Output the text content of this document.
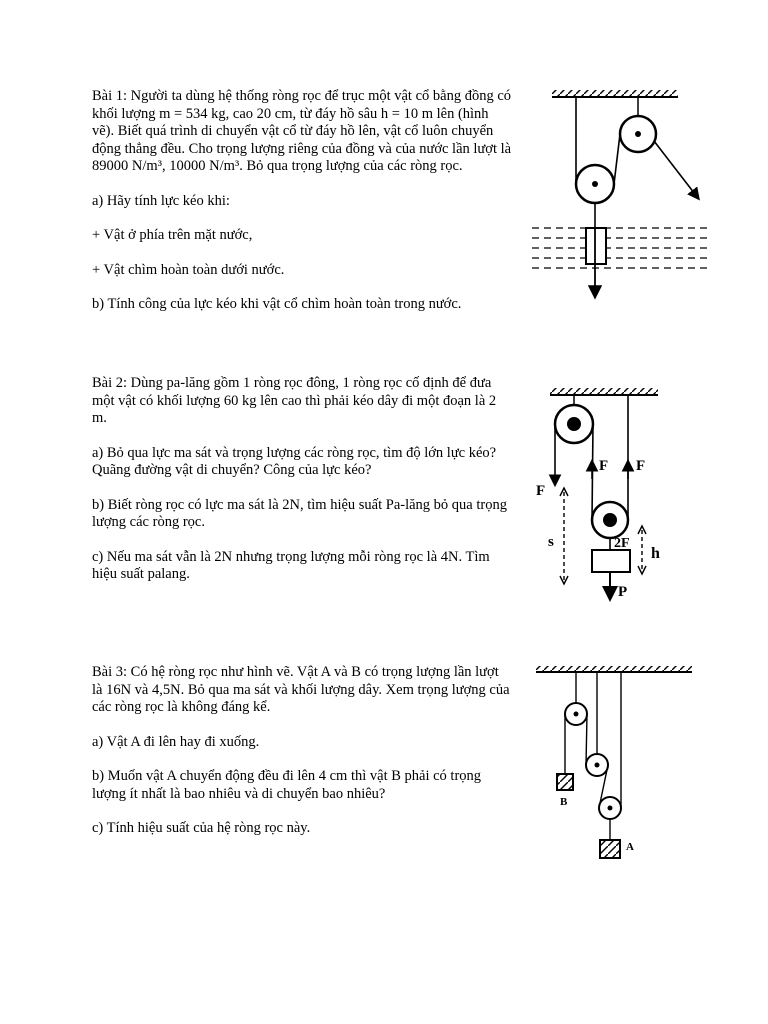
Bài 1: Người ta dùng hệ thống ròng rọc để trục một vật cổ bằng đồng có khối lượng m = 534 kg, cao 20 cm, từ đáy hồ sâu h = 10 m lên (hình vẽ). Biết quá trình di chuyển vật cổ từ đáy hồ lên, vật cổ luôn chuyển động thẳng đều. Cho trọng lượng riêng của đồng và của nước lần lượt là 89000 N/m³, 10000 N/m³. Bỏ qua trọng lượng của các ròng rọc.

a) Hãy tính lực kéo khi:

+ Vật ở phía trên mặt nước,

+ Vật chìm hoàn toàn dưới nước.

b) Tính công của lực kéo khi vật cổ chìm hoàn toàn trong nước.

Bài 2: Dùng pa-lăng gồm 1 ròng rọc đông, 1 ròng rọc cố định để đưa một vật có khối lượng 60 kg lên cao thì phải kéo dây đi một đoạn là 2 m.

a) Bỏ qua lực ma sát và trọng lượng các ròng rọc, tìm độ lớn lực kéo? Quãng đường vật di chuyển? Công của lực kéo?

b) Biết ròng rọc có lực ma sát là 2N, tìm hiệu suất Pa-lăng bỏ qua trọng lượng các ròng rọc.

c) Nếu ma sát vẫn là 2N nhưng trọng lượng mỗi ròng rọc là 4N. Tìm hiệu suất palang.

Bài 3: Có hệ ròng rọc như hình vẽ. Vật A và B có trọng lượng lần lượt là 16N và 4,5N. Bỏ qua ma sát và khối lượng dây. Xem trọng lượng của các ròng rọc là không đáng kể.

a) Vật A đi lên hay đi xuống.

b) Muốn vật A chuyển động đều đi lên 4 cm thì vật B phải có trọng lượng ít nhất là bao nhiêu và di chuyển bao nhiêu?

c) Tính hiệu suất của hệ ròng rọc này.

F
F F
s	2F
h
P
B
A
